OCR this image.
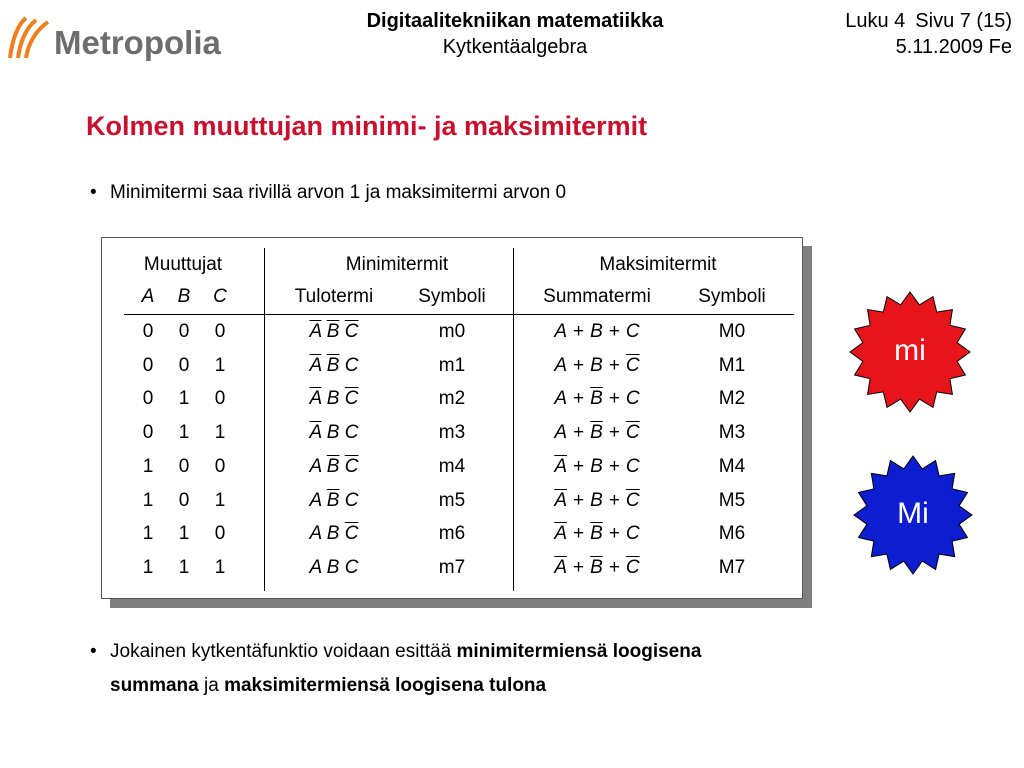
Metropolia
Digitaalitekniikan matematiikka
Kytkentäalgebra
Luku 4 Sivu 7 (15)
5.11.2009 Fe
Kolmen muuttujan minimi- ja maksimitermit
• Minimitermi saa rivillä arvon 1 ja maksimitermi arvon 0
Muuttujat	Minimitermit	Maksimitermit
A B C	Tulotermi	Symboli	Summatermi	Symboli
0 0 0	$\overline{A}$ $\overline{B}$ $\overline{C}$	m0	A + B + C	M0
0 0 1	$\overline{A}$ $\overline{B}$ C	m1	$A + B + \overline{C}$	M1
0 1 0	$\overline{A}$ B $\overline{C}$	m2	$A + \overline{B} + C$	M2
0 1 1	$\overline{A}$ B C	m3	$A + \overline{B} + \overline{C}$	M3
1 0 0	A $\overline{B}$ $\overline{C}$	m4	$\overline{A} + B + C$	M4
1 0 1	A $\overline{B}$ C	m5	$\overline{A} + B + \overline{C}$	M5
1 1 0	A B $\overline{C}$	m6	$\overline{A} + \overline{B} + C$	M6
1 1 1	A B C	m7	$\overline{A} + \overline{B} + \overline{C}$	M7
mi
Mi
• Jokainen kytkentäfunktio voidaan esittää minimitermiensä loogisena
summana ja maksimitermiensä loogisena tulona
